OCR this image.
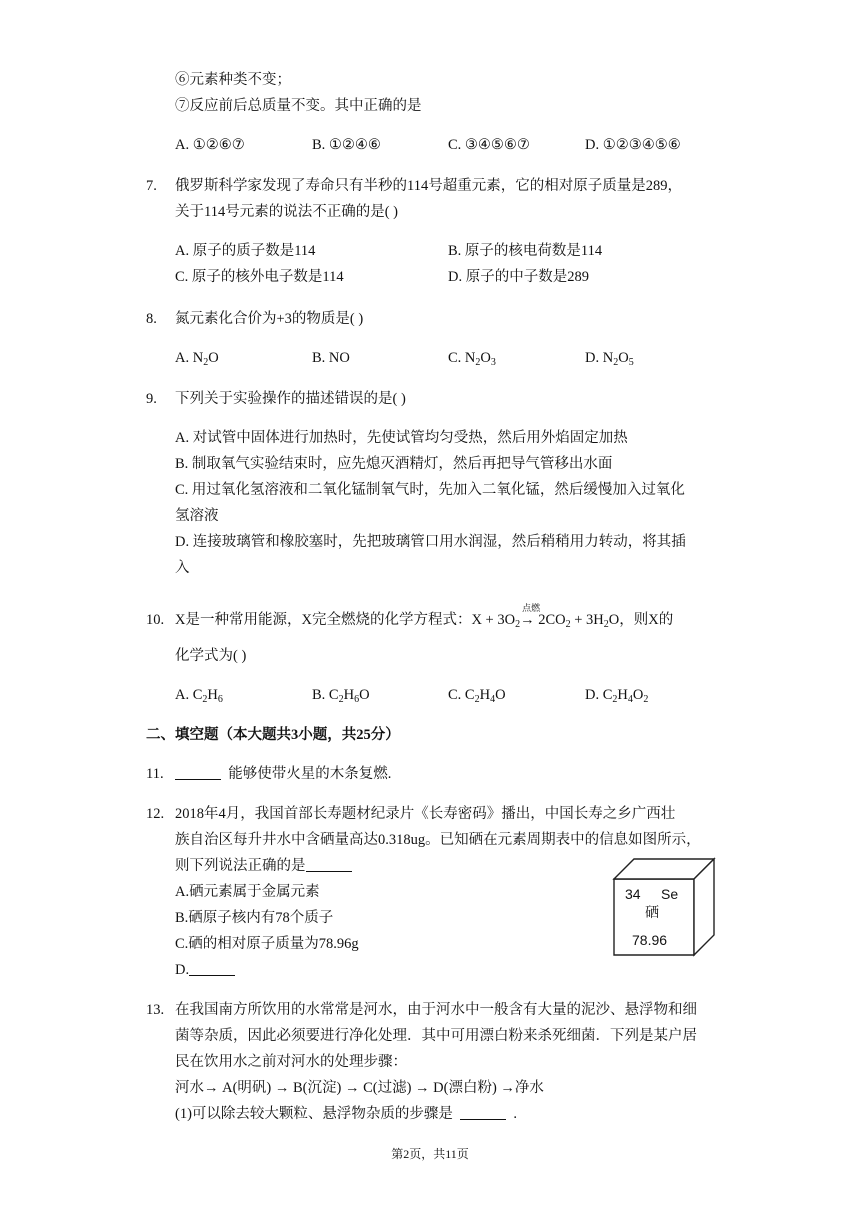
⑥元素种类不变；
⑦反应前后总质量不变。其中正确的是
A. ①②⑥⑦	B. ①②④⑥	C. ③④⑤⑥⑦	D. ①②③④⑤⑥
7. 俄罗斯科学家发现了寿命只有半秒的114号超重元素，它的相对原子质量是289，
关于114号元素的说法不正确的是( )
A. 原子的质子数是114	B. 原子的核电荷数是114
C. 原子的核外电子数是114	D. 原子的中子数是289
8. 氮元素化合价为+3的物质是( )
A. $N_2O$	B. NO	C. $N_2O_3$	D. $N_2O_5$
9. 下列关于实验操作的描述错误的是( )
A. 对试管中固体进行加热时，先使试管均匀受热，然后用外焰固定加热
B. 制取氧气实验结束时，应先熄灭酒精灯，然后再把导气管移出水面
C. 用过氧化氢溶液和二氧化锰制氧气时，先加入二氧化锰，然后缓慢加入过氧化
氢溶液
D. 连接玻璃管和橡胶塞时，先把玻璃管口用水润湿，然后稍稍用力转动，将其插
入
10. X是一种常用能源，X完全燃烧的化学方程式：$X + 3O_2$
点燃
→ $2CO_2 + 3H_2O$，则X的
化学式为( )
A. $C_2H_6$	B. $C_2H_6O$	C. $C_2H_4O$	D. $C_2H_4O_2$
二、填空题（本大题共3小题，共25分）
11.	能够使带火星的木条复燃.
12. 2018年4月，我国首部长寿题材纪录片《长寿密码》播出，中国长寿之乡广西壮
族自治区每升井水中含硒量高达0.318ug。已知硒在元素周期表中的信息如图所示，
则下列说法正确的是
A.硒元素属于金属元素
B.硒原子核内有78个质子
C.硒的相对原子质量为78.96g
D.
34 Se
硒
78.96
13. 在我国南方所饮用的水常常是河水，由于河水中一般含有大量的泥沙、悬浮物和细
菌等杂质，因此必须要进行净化处理．其中可用漂白粉来杀死细菌．下列是某户居
民在饮用水之前对河水的处理步骤：
河水→ A(明矾) → B(沉淀) → C(过滤) → D(漂白粉) →净水
(1)可以除去较大颗粒、悬浮物杂质的步骤是	.
第2页，共11页
